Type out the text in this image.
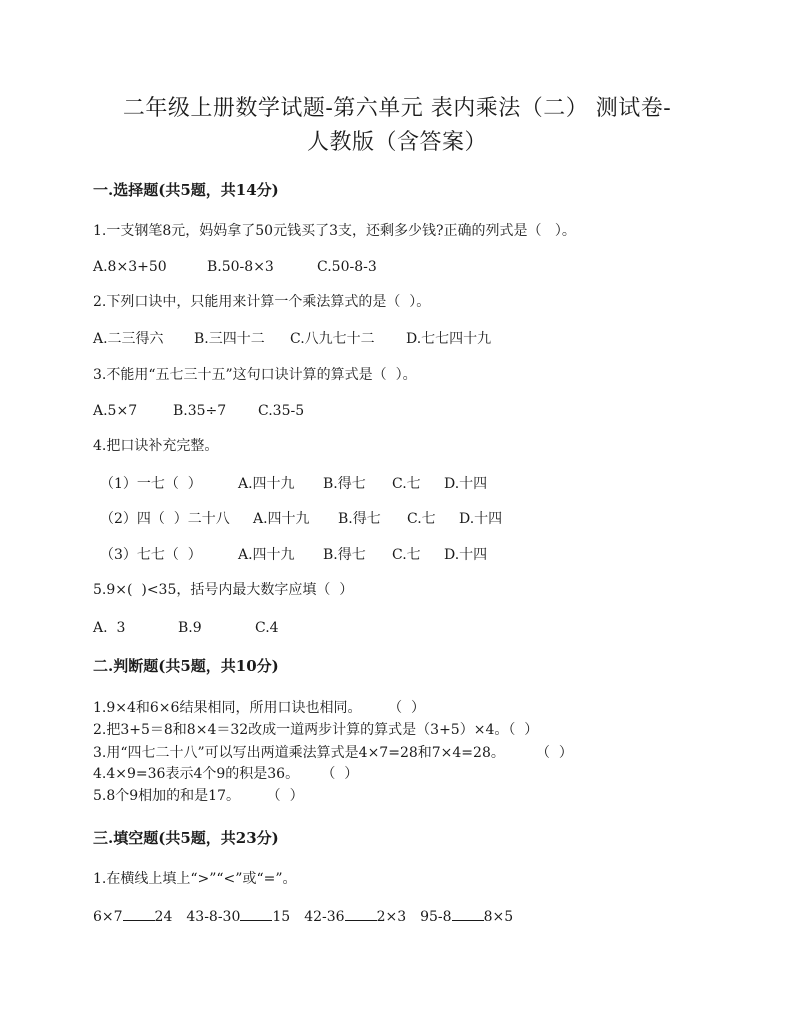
二年级上册数学试题-第六单元 表内乘法（二） 测试卷-
人教版（含答案）
一.选择题(共5题，共14分)
1.一支钢笔8元，妈妈拿了50元钱买了3支，还剩多少钱?正确的列式是（   ）。
A.8×3+50	B.50-8×3	C.50-8-3
2.下列口诀中，只能用来计算一个乘法算式的是（  ）。
A.二三得六	B.三四十二	C.八九七十二	D.七七四十九
3.不能用“五七三十五”这句口诀计算的算式是（  ）。
A.5×7	B.35÷7	C.35-5
4.把口诀补充完整。
（1）一七（  ）	A.四十九	B.得七	C.七	D.十四
（2）四（  ）二十八	A.四十九	B.得七	C.七	D.十四
（3）七七（  ）	A.四十九	B.得七	C.七	D.十四
5.9×(  )<35，括号内最大数字应填（  ）
A.  3	B.9	C.4
二.判断题(共5题，共10分)
1.9×4和6×6结果相同，所用口诀也相同。      （  ）
2.把3+5＝8和8×4＝32改成一道两步计算的算式是（3+5）×4。（  ）
3.用“四七二十八”可以写出两道乘法算式是4×7=28和7×4=28。       （  ）
4.4×9=36表示4个9的积是36。     （  ）
5.8个9相加的和是17。      （  ）
三.填空题(共5题，共23分)
1.在横线上填上“>”“<”或“=”。
6×7 24 43-8-30 15 42-36 2×3 95-8 8×5
